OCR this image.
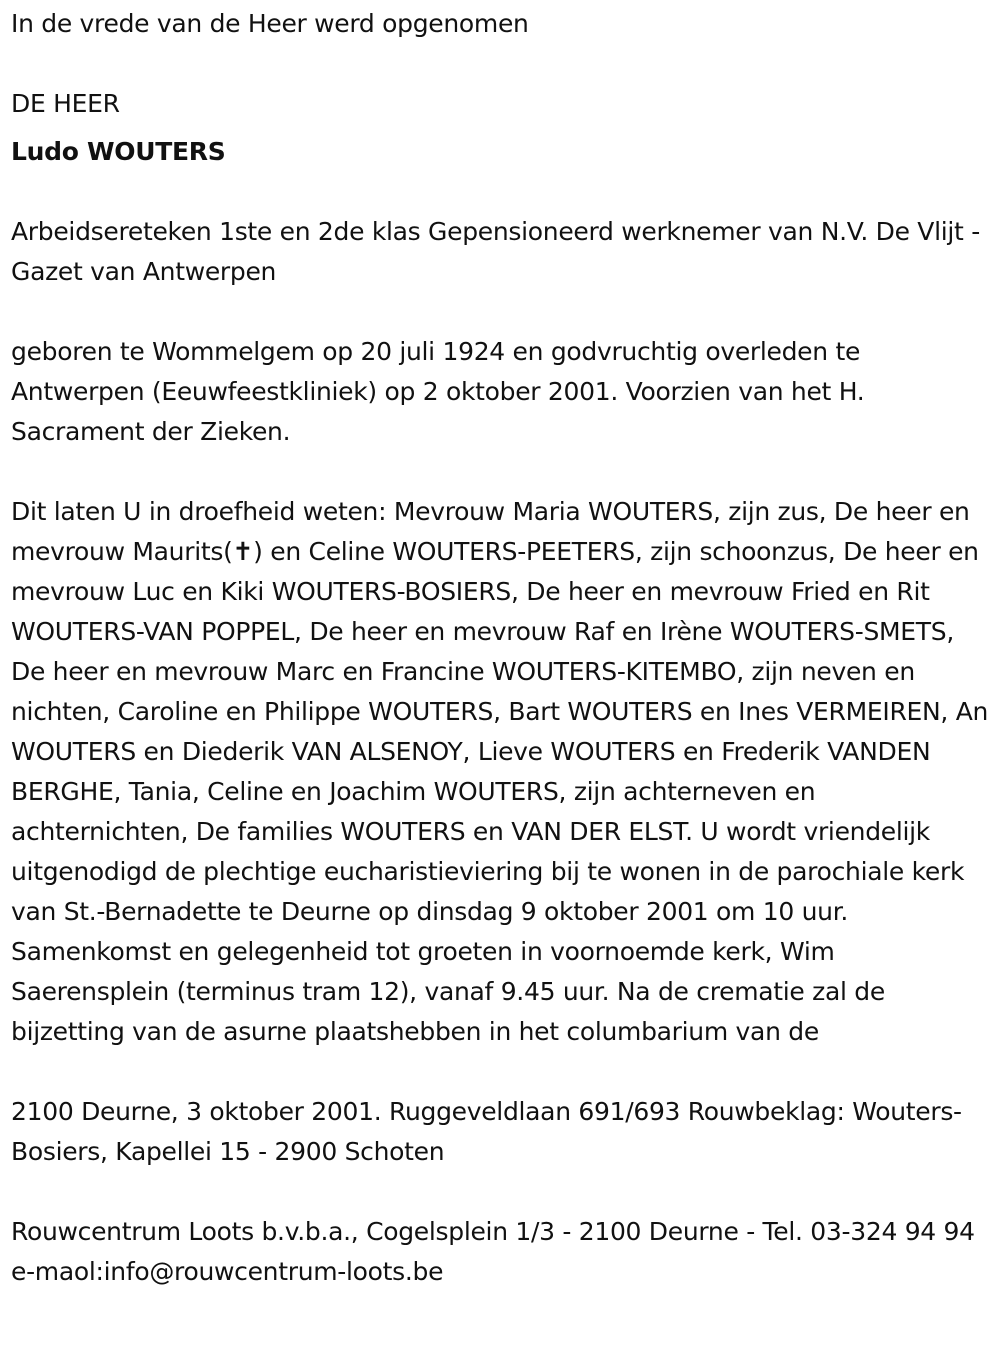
In de vrede van de Heer werd opgenomen

DE HEER

Ludo WOUTERS

Arbeidsereteken 1ste en 2de klas Gepensioneerd werknemer van N.V. De Vlijt - Gazet van Antwerpen

geboren te Wommelgem op 20 juli 1924 en godvruchtig overleden te Antwerpen (Eeuwfeestkliniek) op 2 oktober 2001. Voorzien van het H. Sacrament der Zieken.

Dit laten U in droefheid weten: Mevrouw Maria WOUTERS, zijn zus, De heer en mevrouw Maurits(✝) en Celine WOUTERS-PEETERS, zijn schoonzus, De heer en mevrouw Luc en Kiki WOUTERS-BOSIERS, De heer en mevrouw Fried en Rit WOUTERS-VAN POPPEL, De heer en mevrouw Raf en Irène WOUTERS-SMETS, De heer en mevrouw Marc en Francine WOUTERS-KITEMBO, zijn neven en nichten, Caroline en Philippe WOUTERS, Bart WOUTERS en Ines VERMEIREN, An WOUTERS en Diederik VAN ALSENOY, Lieve WOUTERS en Frederik VANDEN BERGHE, Tania, Celine en Joachim WOUTERS, zijn achterneven en achternichten, De families WOUTERS en VAN DER ELST. U wordt vriendelijk uitgenodigd de plechtige eucharistieviering bij te wonen in de parochiale kerk van St.-Bernadette te Deurne op dinsdag 9 oktober 2001 om 10 uur. Samenkomst en gelegenheid tot groeten in voornoemde kerk, Wim Saerensplein (terminus tram 12), vanaf 9.45 uur. Na de crematie zal de bijzetting van de asurne plaatshebben in het columbarium van de

2100 Deurne, 3 oktober 2001. Ruggeveldlaan 691/693 Rouwbeklag: Wouters-Bosiers, Kapellei 15 - 2900 Schoten

Rouwcentrum Loots b.v.b.a., Cogelsplein 1/3 - 2100 Deurne - Tel. 03-324 94 94 e-maol:info@rouwcentrum-loots.be
